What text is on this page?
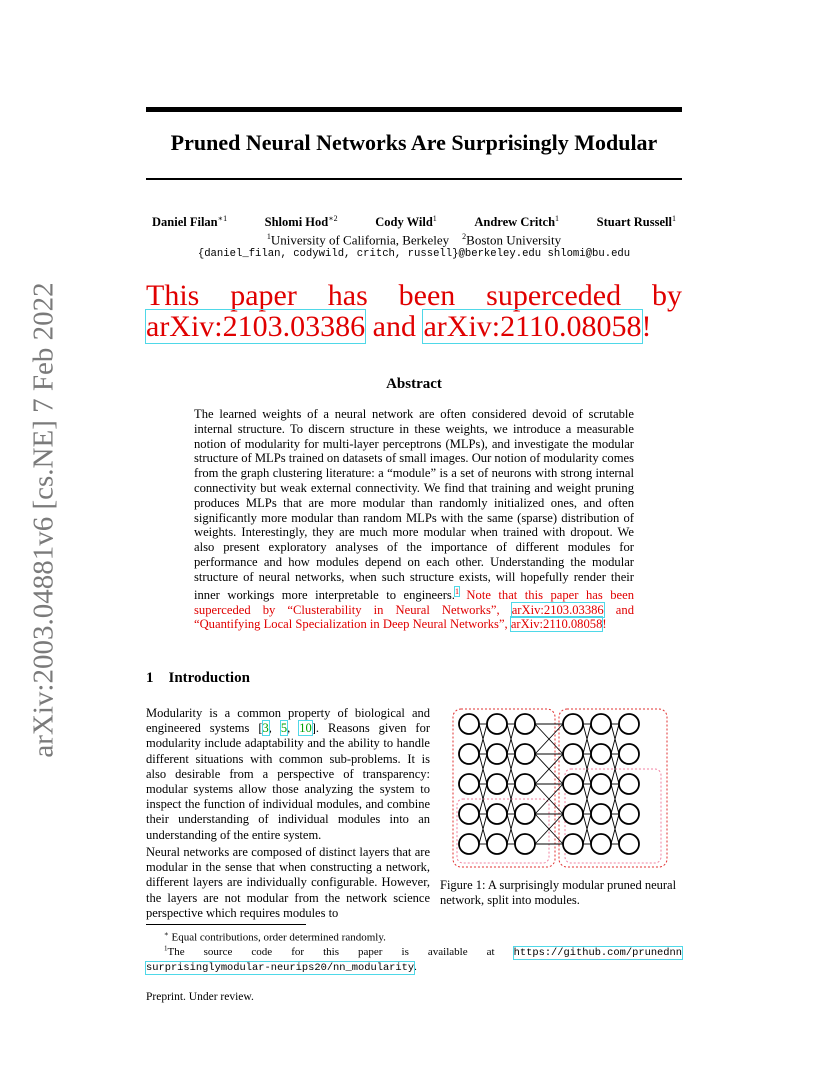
arXiv:2003.04881v6 [cs.NE] 7 Feb 2022
Pruned Neural Networks Are Surprisingly Modular
Daniel Filan$^{∗1}$	Shlomi Hod$^{∗2}$	Cody Wild$^1$	Andrew Critch$^1$	Stuart Russell$^1$
$^1$University of California, Berkeley $^2$Boston University
{daniel_filan, codywild, critch, russell}@berkeley.edu shlomi@bu.edu
This paper has been superceded by arXiv:2103.03386 and arXiv:2110.08058!
Abstract
The learned weights of a neural network are often considered devoid of scrutable internal structure. To discern structure in these weights, we introduce a measurable notion of modularity for multi-layer perceptrons (MLPs), and investigate the modular structure of MLPs trained on datasets of small images. Our notion of modularity comes from the graph clustering literature: a “module” is a set of neurons with strong internal connectivity but weak external connectivity. We find that training and weight pruning produces MLPs that are more modular than randomly initialized ones, and often significantly more modular than random MLPs with the same (sparse) distribution of weights. Interestingly, they are much more modular when trained with dropout. We also present exploratory analyses of the importance of different modules for performance and how modules depend on each other. Understanding the modular structure of neural networks, when such structure exists, will hopefully render their inner workings more interpretable to engineers.$^1$ Note that this paper has been superceded by “Clusterability in Neural Networks”, arXiv:2103.03386 and “Quantifying Local Specialization in Deep Neural Networks”, arXiv:2110.08058!
1 Introduction
Modularity is a common property of biological and engineered systems [3, 5, 10]. Reasons given for modularity include adaptability and the ability to handle different situations with common sub-problems. It is also desirable from a perspective of transparency: modular systems allow those analyzing the system to inspect the function of individual modules, and combine their understanding of individual modules into an understanding of the entire system.
Neural networks are composed of distinct layers that are modular in the sense that when constructing a network, different layers are individually configurable. However, the layers are not modular from the network science perspective which requires modules to
Figure 1: A surprisingly modular pruned neural network, split into modules.
∗ Equal contributions, order determined randomly.
$^1$The source code for this paper is available at https://github.com/prunednnsurprisinglymodular-neurips20/nn_modularity.
Preprint. Under review.
